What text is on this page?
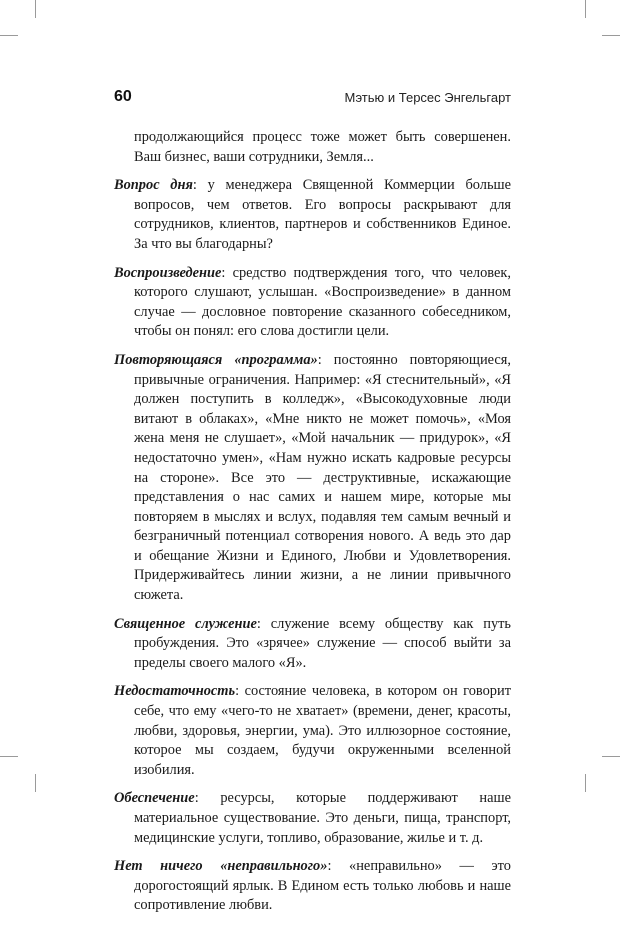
60	Мэтью и Терсес Энгельгарт

продолжающийся процесс тоже может быть совершенен. Ваш бизнес, ваши сотрудники, Земля...

Вопрос дня: у менеджера Священной Коммерции больше вопросов, чем ответов. Его вопросы раскрывают для сотрудников, клиентов, партнеров и собственников Единое. За что вы благодарны?

Воспроизведение: средство подтверждения того, что человек, которого слушают, услышан. «Воспроизведение» в данном случае — дословное повторение сказанного собеседником, чтобы он понял: его слова достигли цели.

Повторяющаяся «программа»: постоянно повторяющиеся, привычные ограничения. Например: «Я стеснительный», «Я должен поступить в колледж», «Высокодуховные люди витают в облаках», «Мне никто не может помочь», «Моя жена меня не слушает», «Мой начальник — придурок», «Я недостаточно умен», «Нам нужно искать кадровые ресурсы на стороне». Все это — деструктивные, искажающие представления о нас самих и нашем мире, которые мы повторяем в мыслях и вслух, подавляя тем самым вечный и безграничный потенциал сотворения нового. А ведь это дар и обещание Жизни и Единого, Любви и Удовлетворения. Придерживайтесь линии жизни, а не линии привычного сюжета.

Священное служение: служение всему обществу как путь пробуждения. Это «зрячее» служение — способ выйти за пределы своего малого «Я».

Недостаточность: состояние человека, в котором он говорит себе, что ему «чего-то не хватает» (времени, денег, красоты, любви, здоровья, энергии, ума). Это иллюзорное состояние, которое мы создаем, будучи окруженными вселенной изобилия.

Обеспечение: ресурсы, которые поддерживают наше материальное существование. Это деньги, пища, транспорт, медицинские услуги, топливо, образование, жилье и т. д.

Нет ничего «неправильного»: «неправильно» — это дорогостоящий ярлык. В Едином есть только любовь и наше сопротивление любви.
